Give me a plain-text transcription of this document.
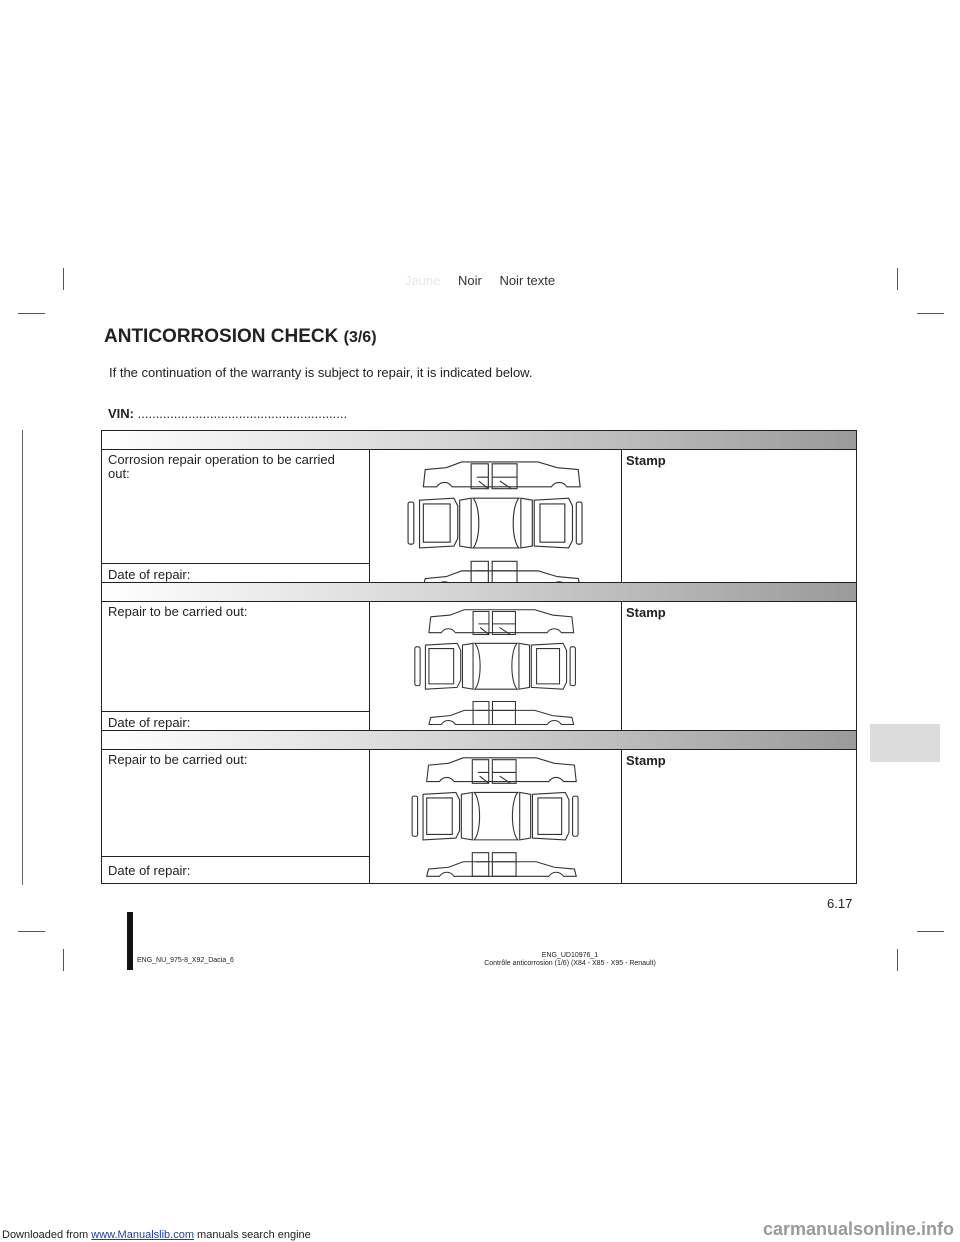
Jaune Noir Noir texte
ANTICORROSION CHECK (3/6)
If the continuation of the warranty is subject to repair, it is indicated below.
VIN: ..........................................................
Corrosion repair operation to be carried out:
Date of repair:
Stamp
Repair to be carried out:
Date of repair:
Stamp
Repair to be carried out:
Date of repair:
Stamp
6.17
ENG_NU_975-8_X92_Dacia_6
ENG_UD10976_1
Contrôle anticorrosion (1/6) (X84 - X85 - X95 - Renault)
Downloaded from www.Manualslib.com manuals search engine	carmanualsonline.info
